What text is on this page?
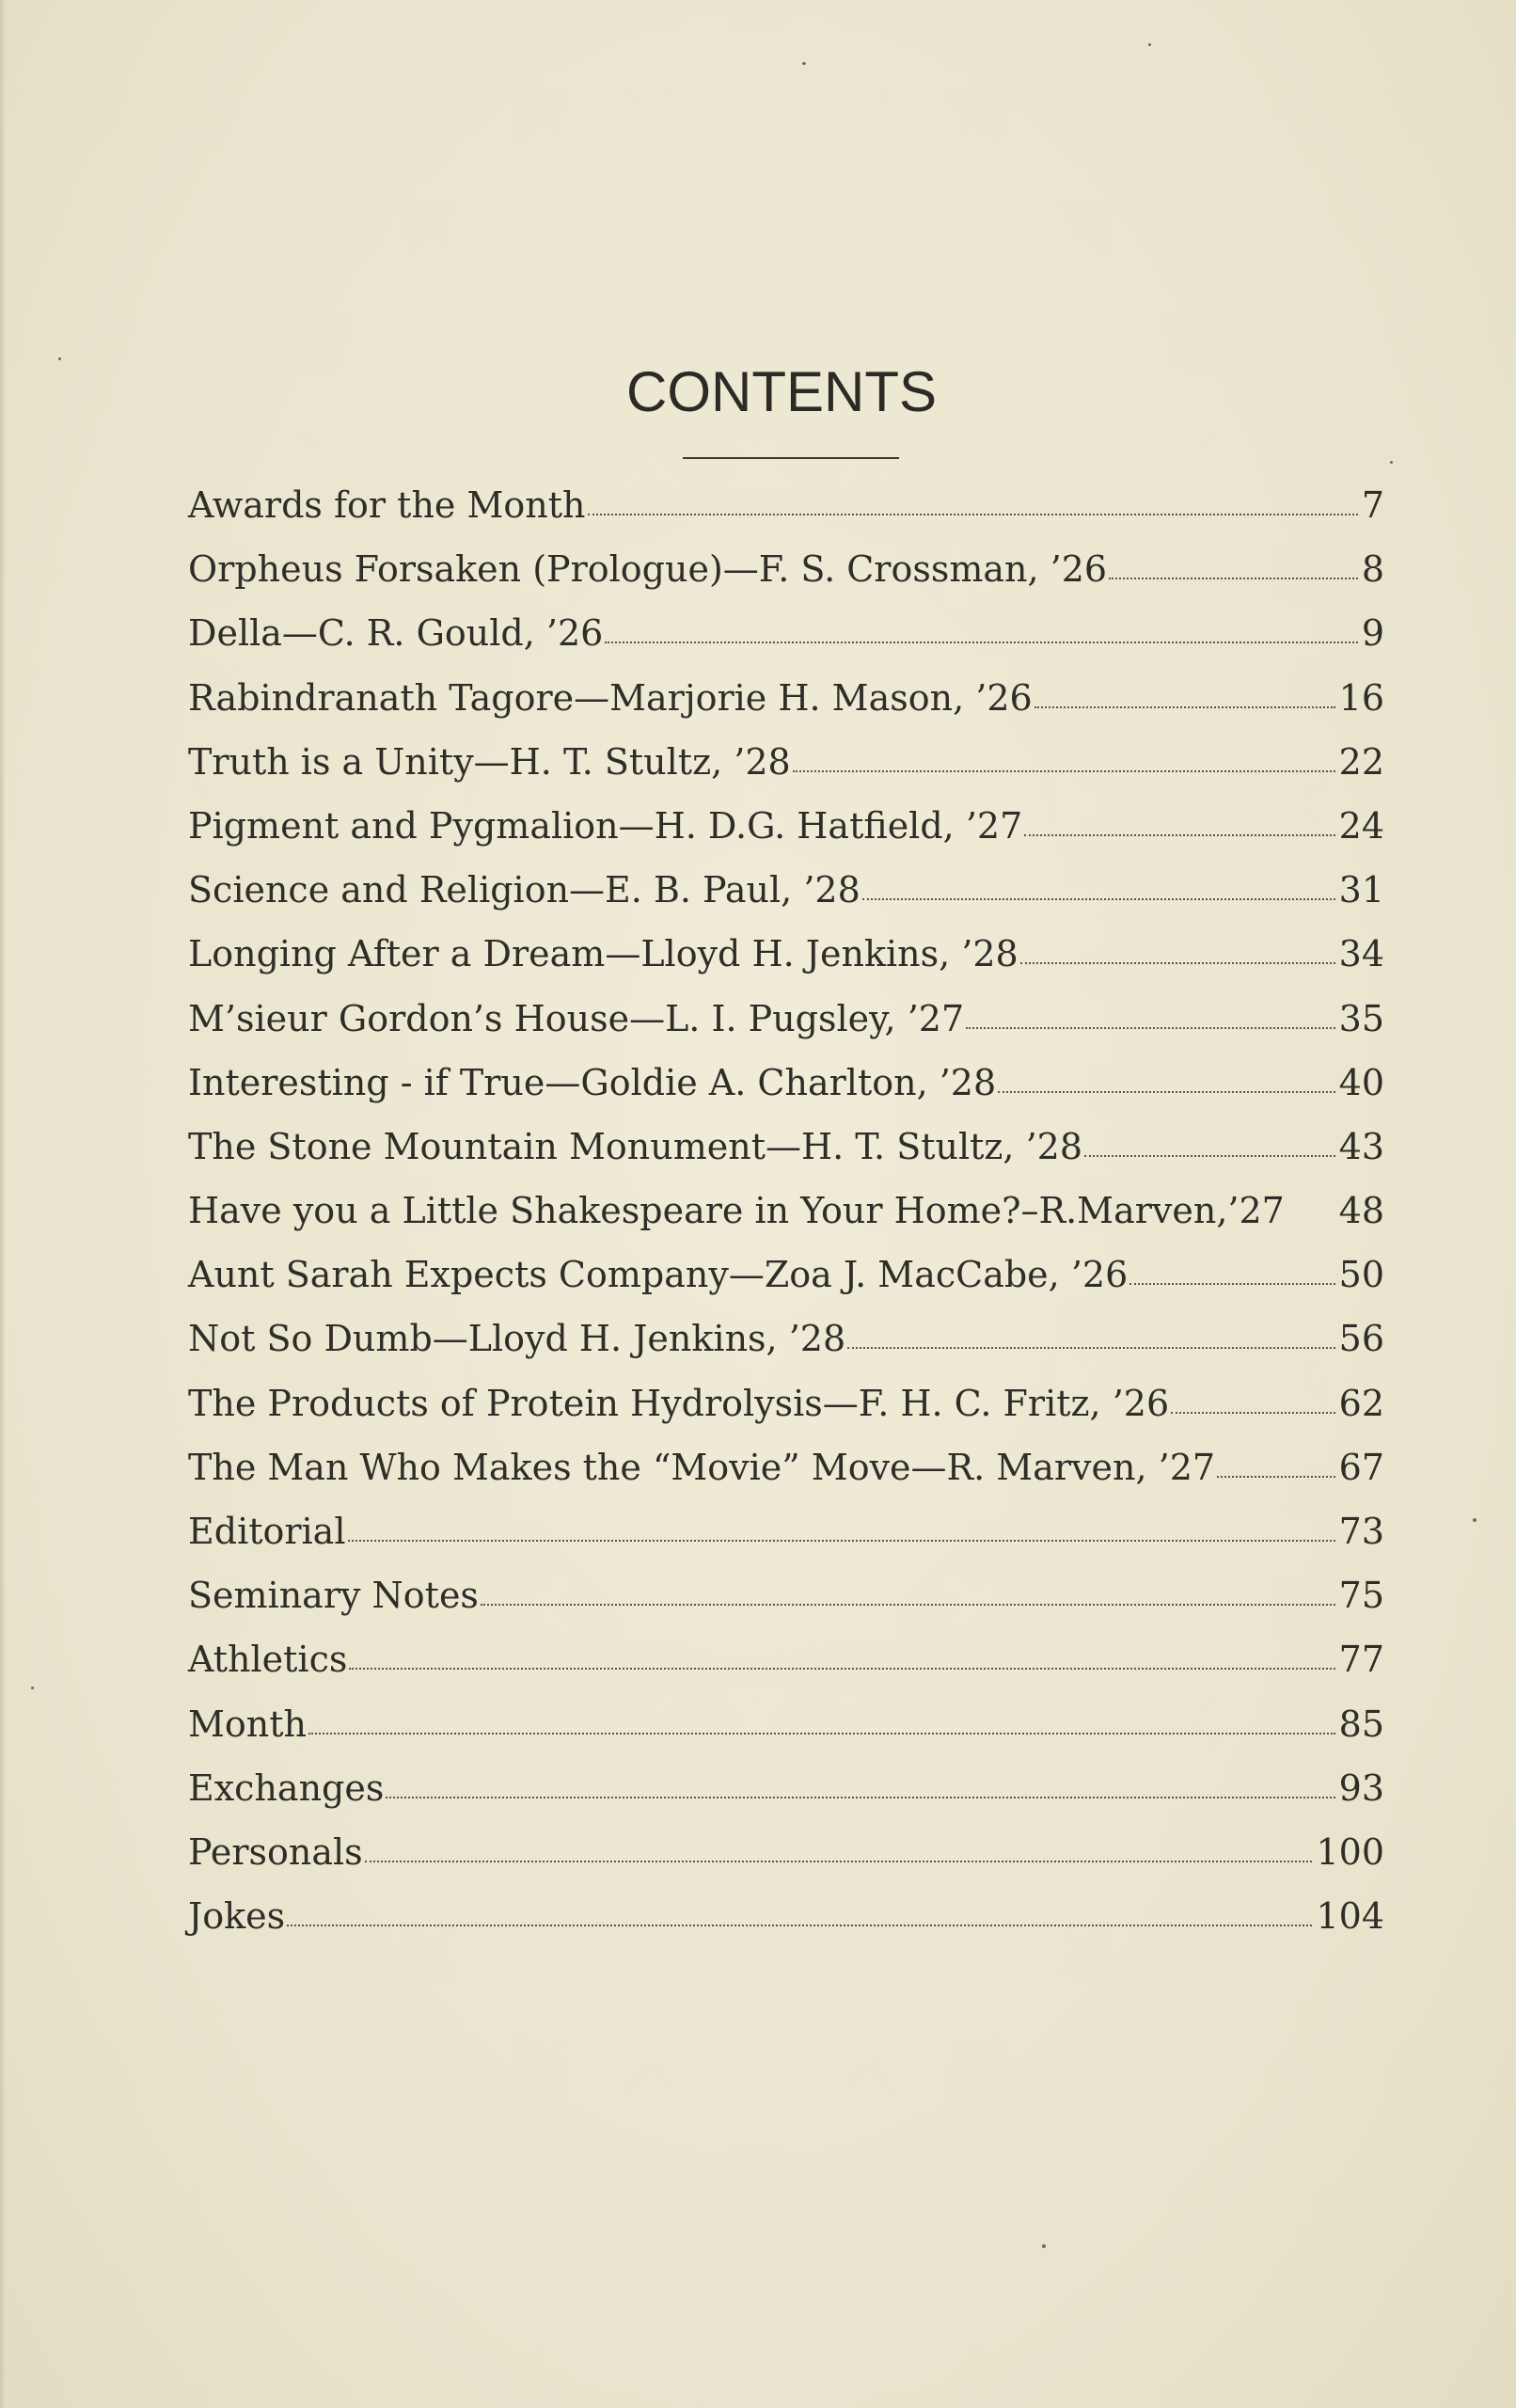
CONTENTS
Awards for the Month	7
Orpheus Forsaken (Prologue)—F. S. Crossman, ’26	8
Della—C. R. Gould, ’26	9
Rabindranath Tagore—Marjorie H. Mason, ’26	16
Truth is a Unity—H. T. Stultz, ’28	22
Pigment and Pygmalion—H. D.G. Hatfield, ’27	24
Science and Religion—E. B. Paul, ’28	31
Longing After a Dream—Lloyd H. Jenkins, ’28	34
M’sieur Gordon’s House—L. I. Pugsley, ’27	35
Interesting - if True—Goldie A. Charlton, ’28	40
The Stone Mountain Monument—H. T. Stultz, ’28	43
Have you a Little Shakespeare in Your Home?–R.Marven,’27 48
Aunt Sarah Expects Company—Zoa J. MacCabe, ’26	50
Not So Dumb—Lloyd H. Jenkins, ’28	56
The Products of Protein Hydrolysis—F. H. C. Fritz, ’26	62
The Man Who Makes the “Movie” Move—R. Marven, ’27	67
Editorial	73
Seminary Notes	75
Athletics	77
Month	85
Exchanges	93
Personals	100
Jokes	104
